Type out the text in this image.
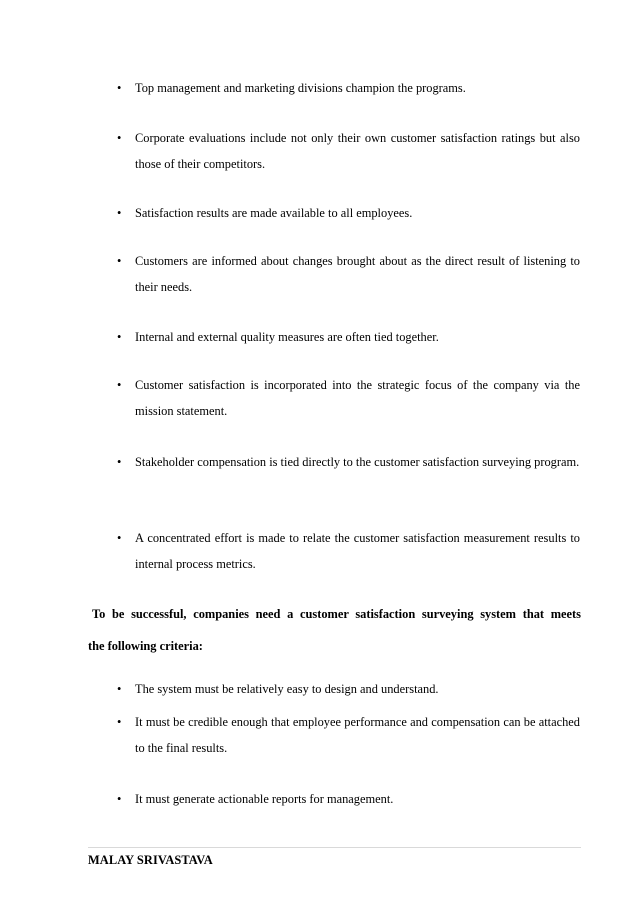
•	Top management and marketing divisions champion the programs.
•	Corporate evaluations include not only their own customer satisfaction ratings but also those of their competitors.
•	Satisfaction results are made available to all employees.
•	Customers are informed about changes brought about as the direct result of listening to their needs.
•	Internal and external quality measures are often tied together.
•	Customer satisfaction is incorporated into the strategic focus of the company via the mission statement.
•	Stakeholder compensation is tied directly to the customer satisfaction surveying program.
•	A concentrated effort is made to relate the customer satisfaction measurement results to internal process metrics.
To be successful, companies need a customer satisfaction surveying system that meets
the following criteria:
•	The system must be relatively easy to design and understand.
•	It must be credible enough that employee performance and compensation can be attached to the final results.
•	It must generate actionable reports for management.
MALAY SRIVASTAVA
